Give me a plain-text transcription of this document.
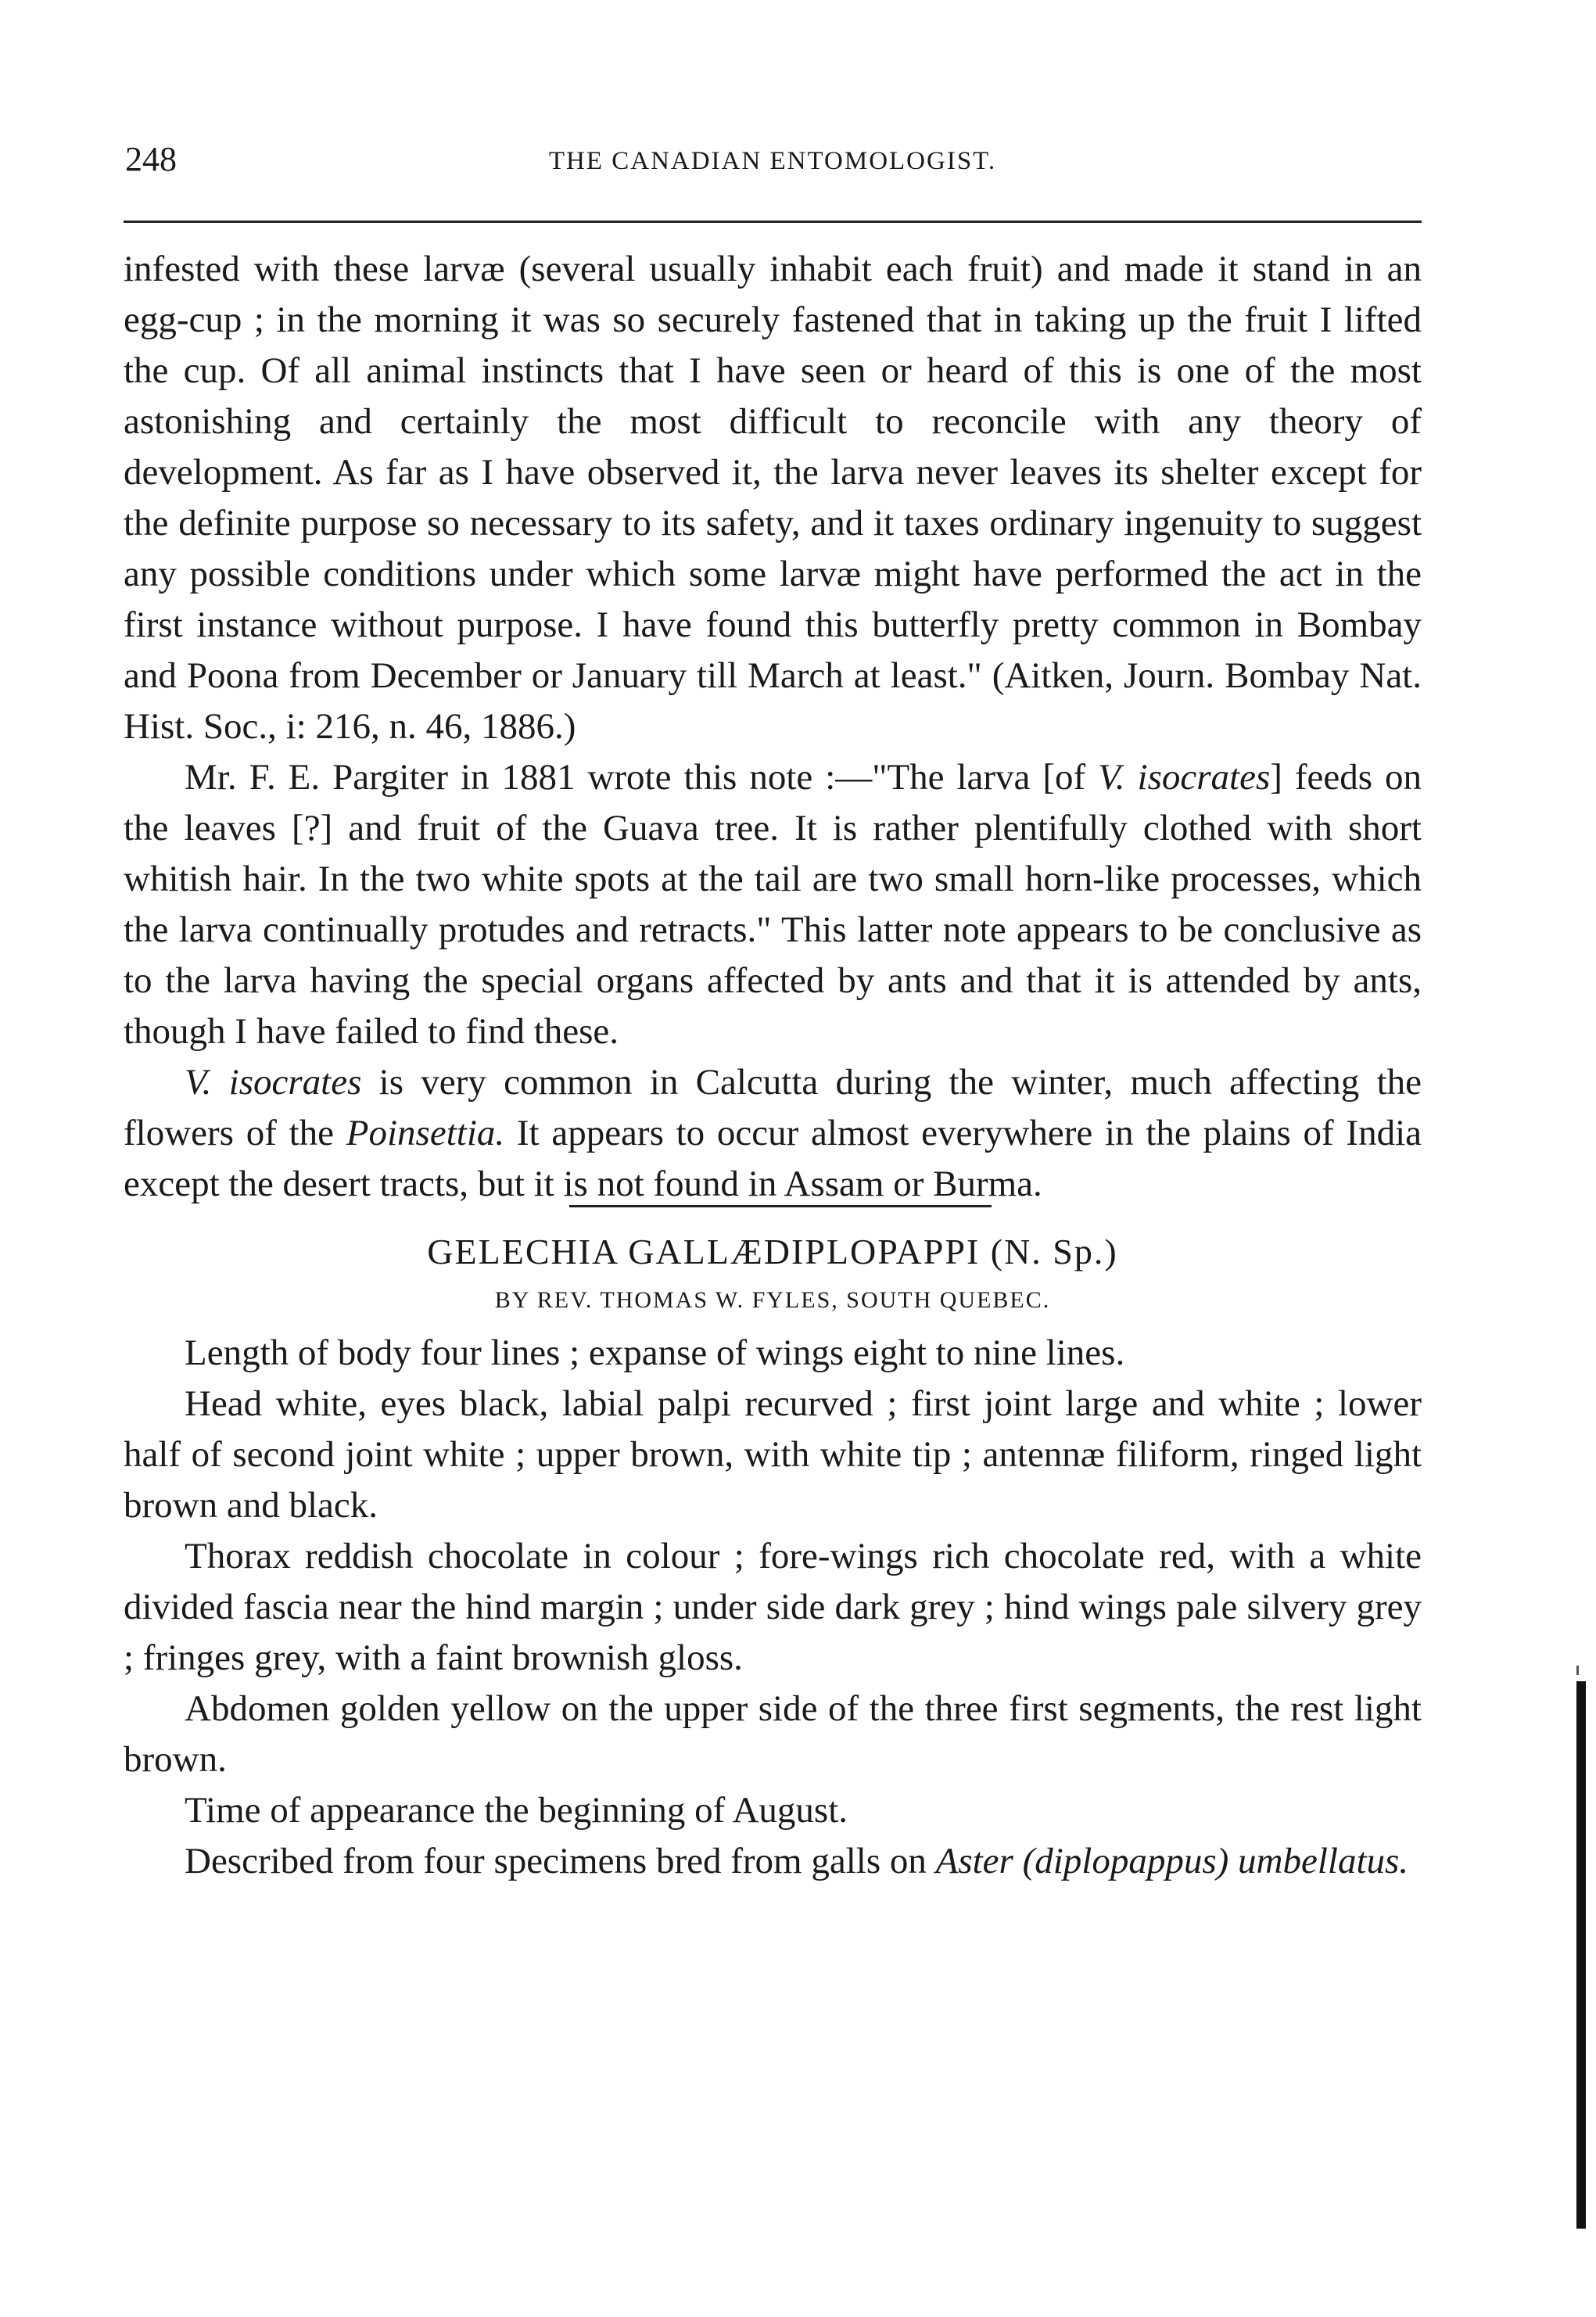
248	THE CANADIAN ENTOMOLOGIST.

infested with these larvæ (several usually inhabit each fruit) and made it stand in an egg-cup ; in the morning it was so securely fastened that in taking up the fruit I lifted the cup. Of all animal instincts that I have seen or heard of this is one of the most astonishing and certainly the most difficult to reconcile with any theory of development. As far as I have observed it, the larva never leaves its shelter except for the definite purpose so necessary to its safety, and it taxes ordinary ingenuity to suggest any possible conditions under which some larvæ might have performed the act in the first instance without purpose. I have found this butterfly pretty common in Bombay and Poona from December or January till March at least." (Aitken, Journ. Bombay Nat. Hist. Soc., i: 216, n. 46, 1886.)

Mr. F. E. Pargiter in 1881 wrote this note :—"The larva [of V. isocrates] feeds on the leaves [?] and fruit of the Guava tree. It is rather plentifully clothed with short whitish hair. In the two white spots at the tail are two small horn-like processes, which the larva continually protudes and retracts." This latter note appears to be conclusive as to the larva having the special organs affected by ants and that it is attended by ants, though I have failed to find these.

V. isocrates is very common in Calcutta during the winter, much affecting the flowers of the Poinsettia. It appears to occur almost everywhere in the plains of India except the desert tracts, but it is not found in Assam or Burma.

GELECHIA GALLÆDIPLOPAPPI (N. Sp.)
BY REV. THOMAS W. FYLES, SOUTH QUEBEC.

Length of body four lines ; expanse of wings eight to nine lines.

Head white, eyes black, labial palpi recurved ; first joint large and white ; lower half of second joint white ; upper brown, with white tip ; antennæ filiform, ringed light brown and black.

Thorax reddish chocolate in colour ; fore-wings rich chocolate red, with a white divided fascia near the hind margin ; under side dark grey ; hind wings pale silvery grey ; fringes grey, with a faint brownish gloss.

Abdomen golden yellow on the upper side of the three first segments, the rest light brown.

Time of appearance the beginning of August.

Described from four specimens bred from galls on Aster (diplopappus) umbellatus.
